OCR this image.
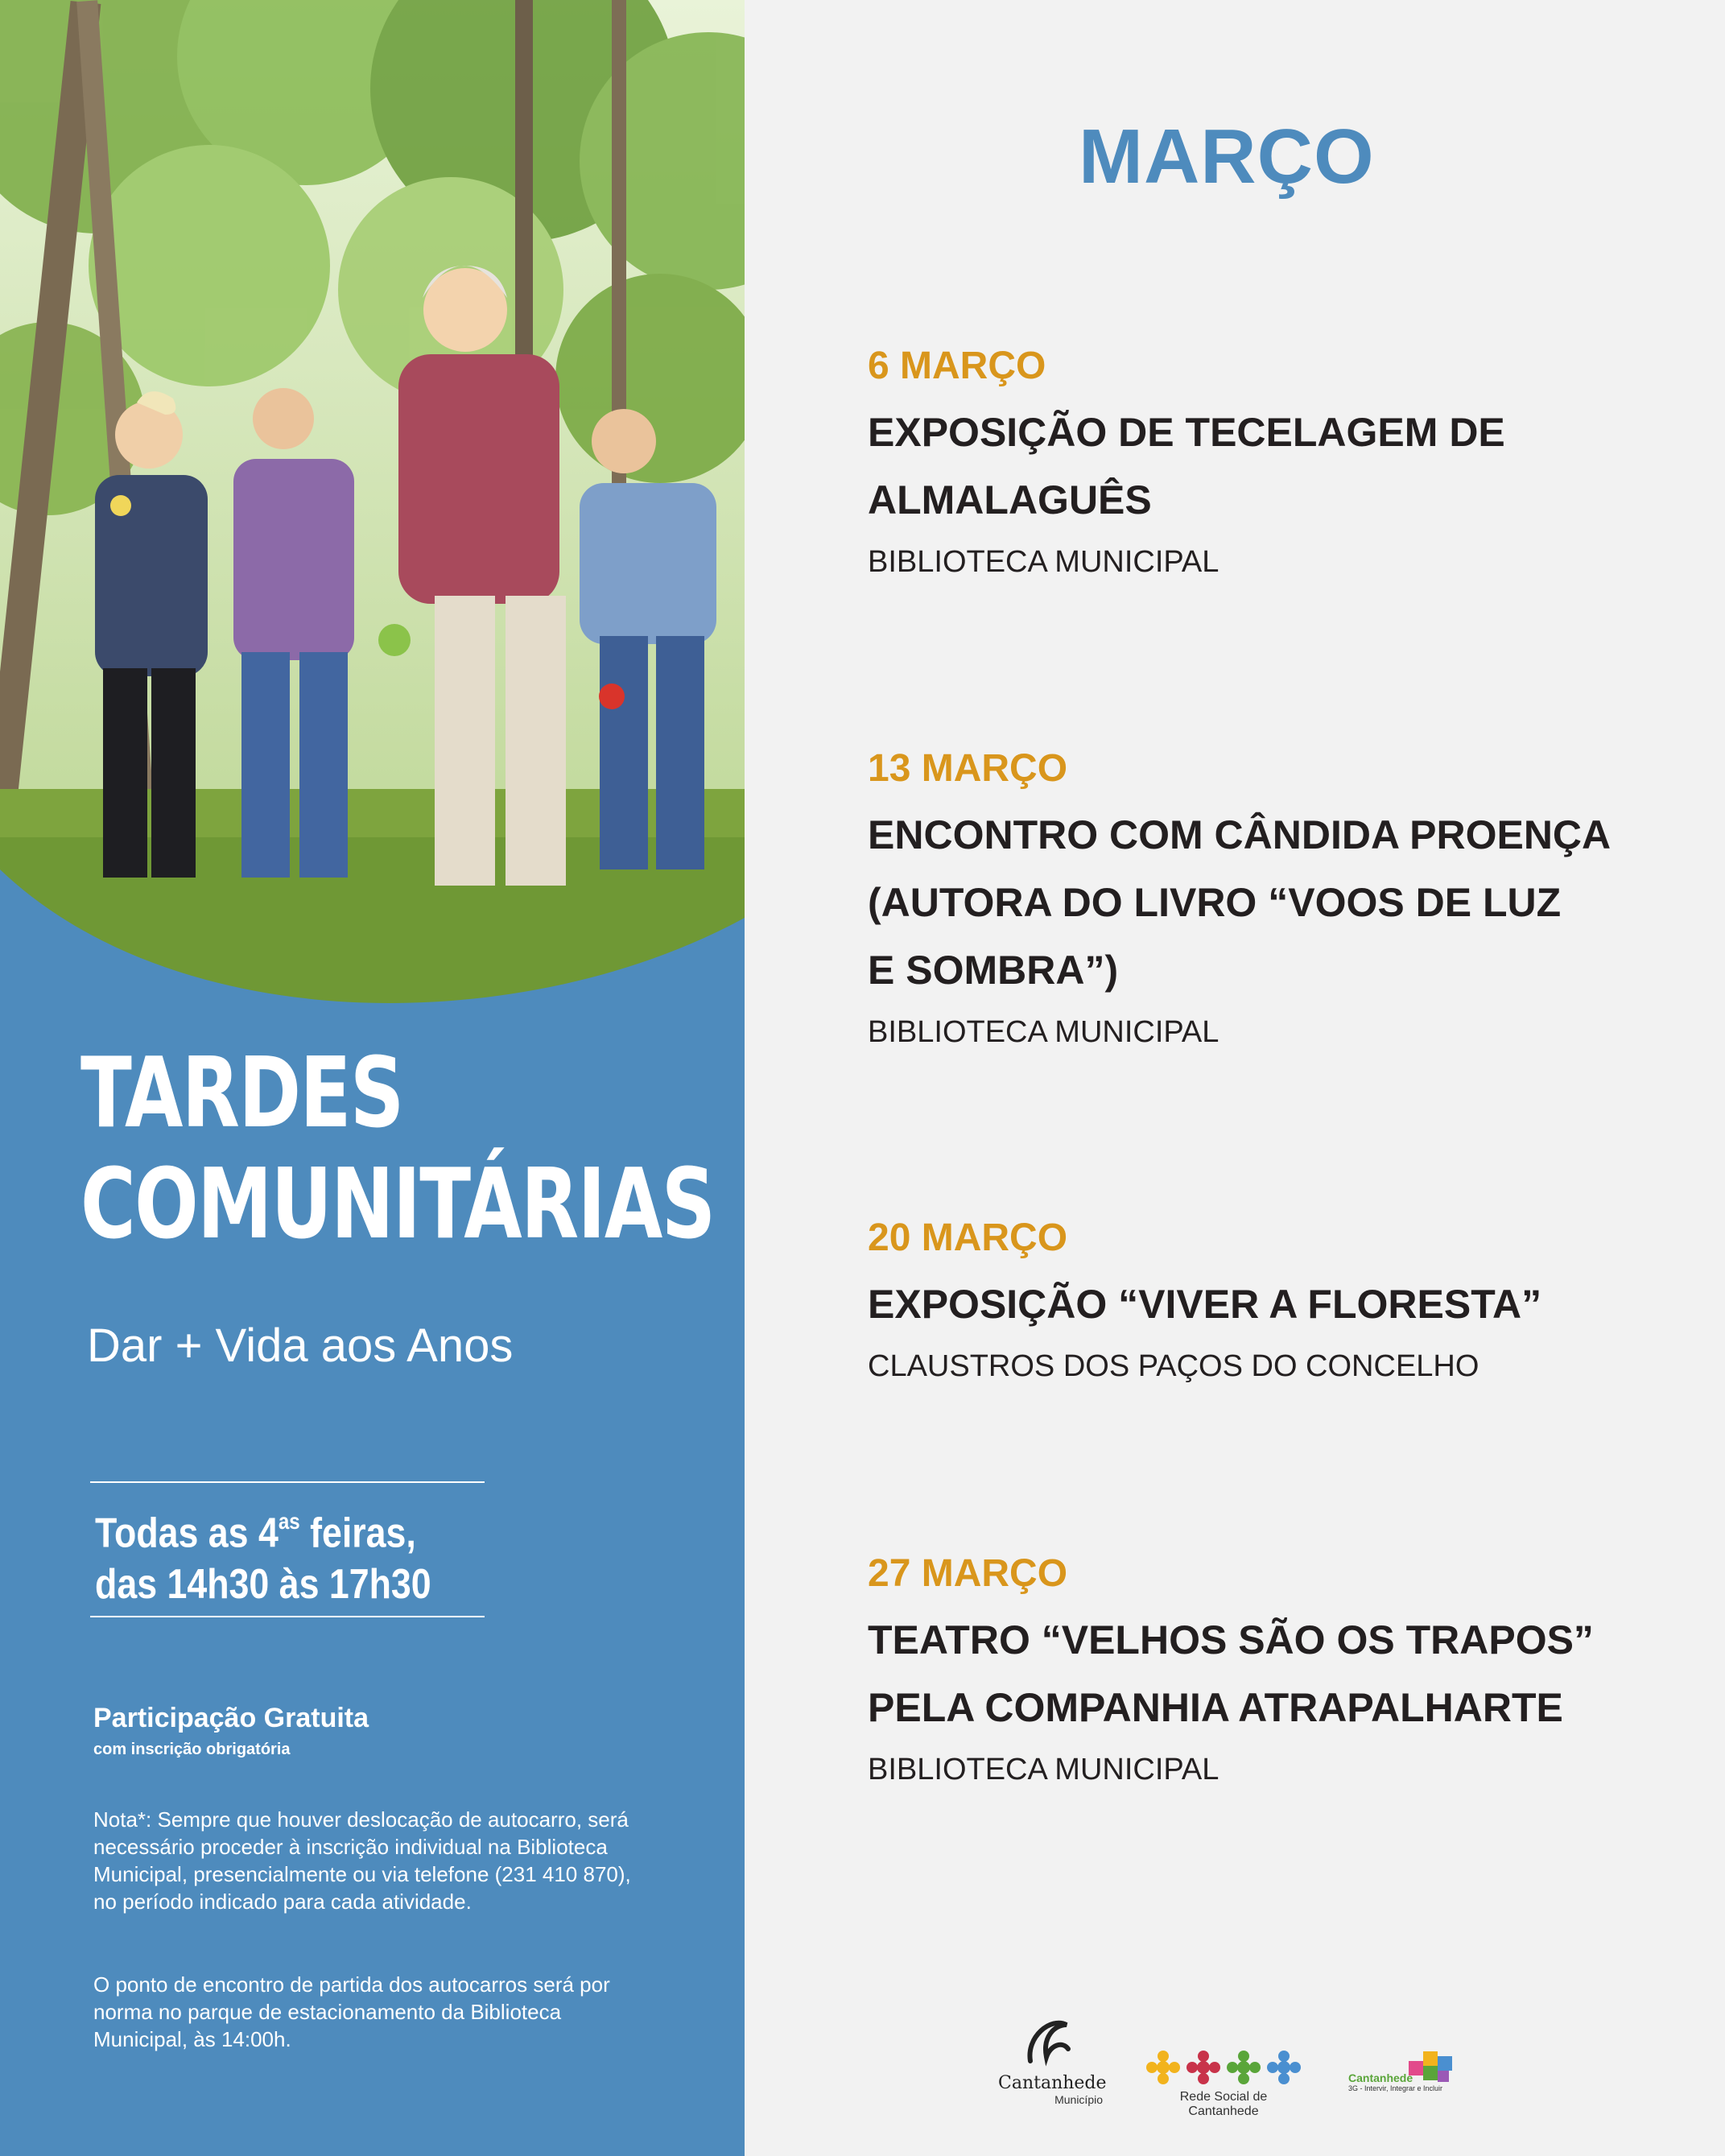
TARDES
COMUNITÁRIAS
Dar + Vida aos Anos
Todas as $4^{as}$ feiras,
das 14h30 às 17h30
Participação Gratuita
com inscrição obrigatória

Nota*: Sempre que houver deslocação de autocarro, será necessário proceder à inscrição individual na Biblioteca Municipal, presencialmente ou via telefone (231 410 870), no período indicado para cada atividade.

O ponto de encontro de partida dos autocarros será por norma no parque de estacionamento da Biblioteca Municipal, às 14:00h.

MARÇO
6 MARÇO
EXPOSIÇÃO DE TECELAGEM DE
ALMALAGUÊS
BIBLIOTECA MUNICIPAL
13 MARÇO
ENCONTRO COM CÂNDIDA PROENÇA
(AUTORA DO LIVRO “VOOS DE LUZ
E SOMBRA”)
BIBLIOTECA MUNICIPAL
20 MARÇO
EXPOSIÇÃO “VIVER A FLORESTA”
CLAUSTROS DOS PAÇOS DO CONCELHO
27 MARÇO
TEATRO “VELHOS SÃO OS TRAPOS”
PELA COMPANHIA ATRAPALHARTE
BIBLIOTECA MUNICIPAL
Cantanhede
Município	Rede Social de Cantanhede
Cantanhede
3G - Intervir, Integrar e Incluir
